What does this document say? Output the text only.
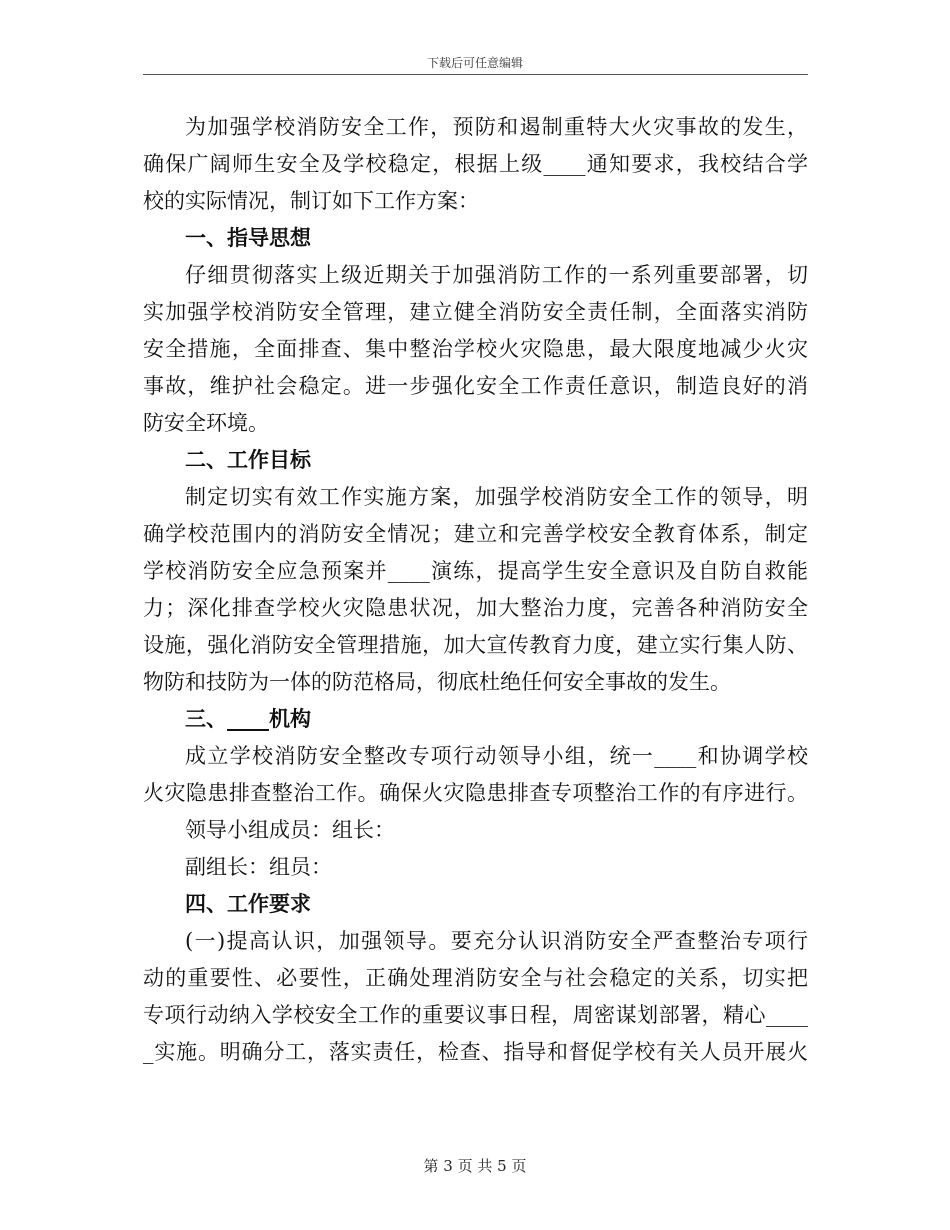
下载后可任意编辑
为加强学校消防安全工作，预防和遏制重特大火灾事故的发生，
确保广阔师生安全及学校稳定，根据上级____通知要求，我校结合学
校的实际情况，制订如下工作方案：
一、指导思想
仔细贯彻落实上级近期关于加强消防工作的一系列重要部署，切
实加强学校消防安全管理，建立健全消防安全责任制，全面落实消防
安全措施，全面排查、集中整治学校火灾隐患，最大限度地减少火灾
事故，维护社会稳定。进一步强化安全工作责任意识，制造良好的消
防安全环境。
二、工作目标
制定切实有效工作实施方案，加强学校消防安全工作的领导，明
确学校范围内的消防安全情况；建立和完善学校安全教育体系，制定
学校消防安全应急预案并____演练，提高学生安全意识及自防自救能
力；深化排查学校火灾隐患状况，加大整治力度，完善各种消防安全
设施，强化消防安全管理措施，加大宣传教育力度，建立实行集人防、
物防和技防为一体的防范格局，彻底杜绝任何安全事故的发生。
三、____机构
成立学校消防安全整改专项行动领导小组，统一____和协调学校
火灾隐患排查整治工作。确保火灾隐患排查专项整治工作的有序进行。
领导小组成员：组长：
副组长：组员：
四、工作要求
(一)提高认识，加强领导。要充分认识消防安全严查整治专项行
动的重要性、必要性，正确处理消防安全与社会稳定的关系，切实把
专项行动纳入学校安全工作的重要议事日程，周密谋划部署，精心____
_实施。明确分工，落实责任，检查、指导和督促学校有关人员开展火
第 3 页 共 5 页
